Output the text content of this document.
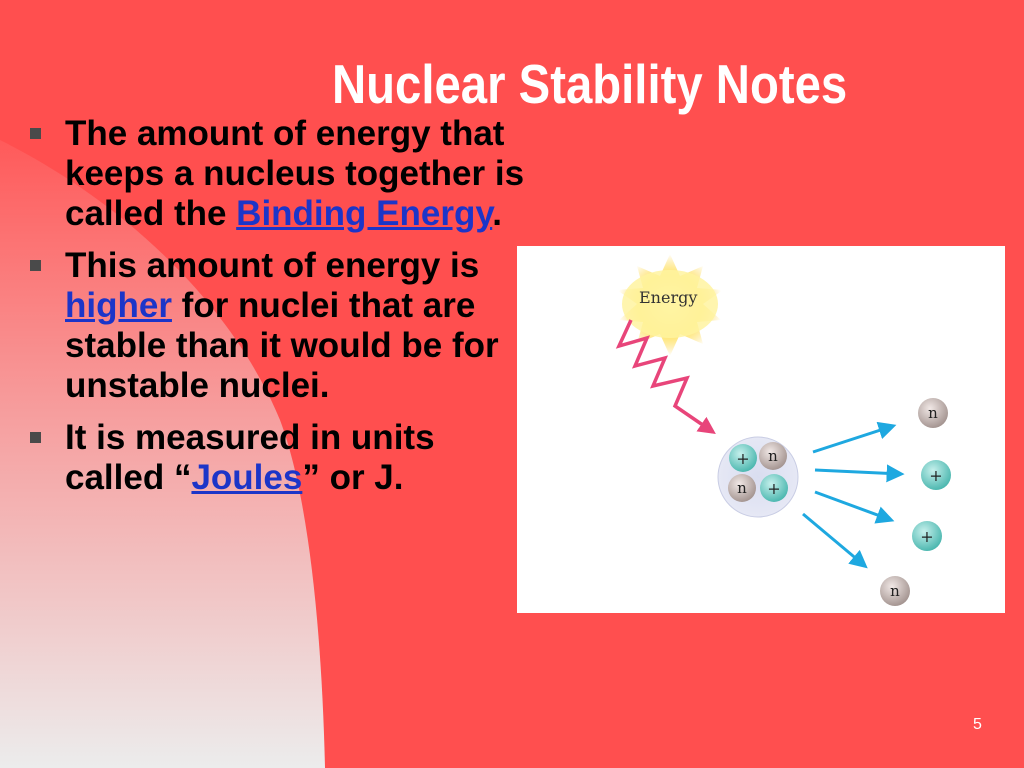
Nuclear Stability Notes
The amount of energy that keeps a nucleus together is called the Binding Energy.
This amount of energy is higher for nuclei that are stable than it would be for unstable nuclei.
It is measured in units called “Joules” or J.	+ n
n +
n
+
+
n
Energy
5
